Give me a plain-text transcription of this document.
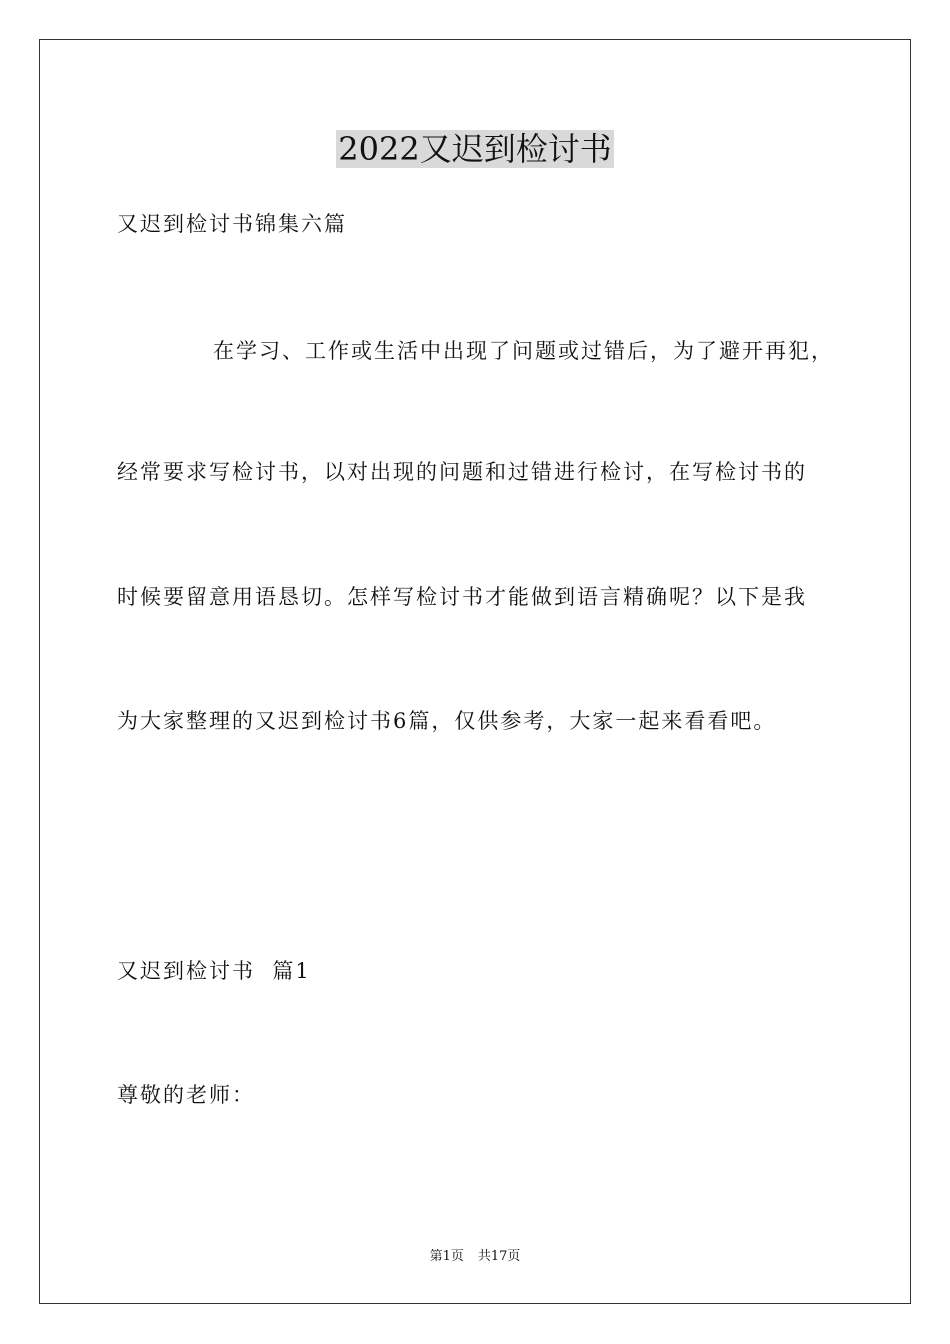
2022又迟到检讨书
又迟到检讨书锦集六篇
在学习、工作或生活中出现了问题或过错后，为了避开再犯，
经常要求写检讨书，以对出现的问题和过错进行检讨，在写检讨书的
时候要留意用语恳切。怎样写检讨书才能做到语言精确呢？以下是我
为大家整理的又迟到检讨书6篇，仅供参考，大家一起来看看吧。
又迟到检讨书  篇1
尊敬的老师：
第1页 共17页
